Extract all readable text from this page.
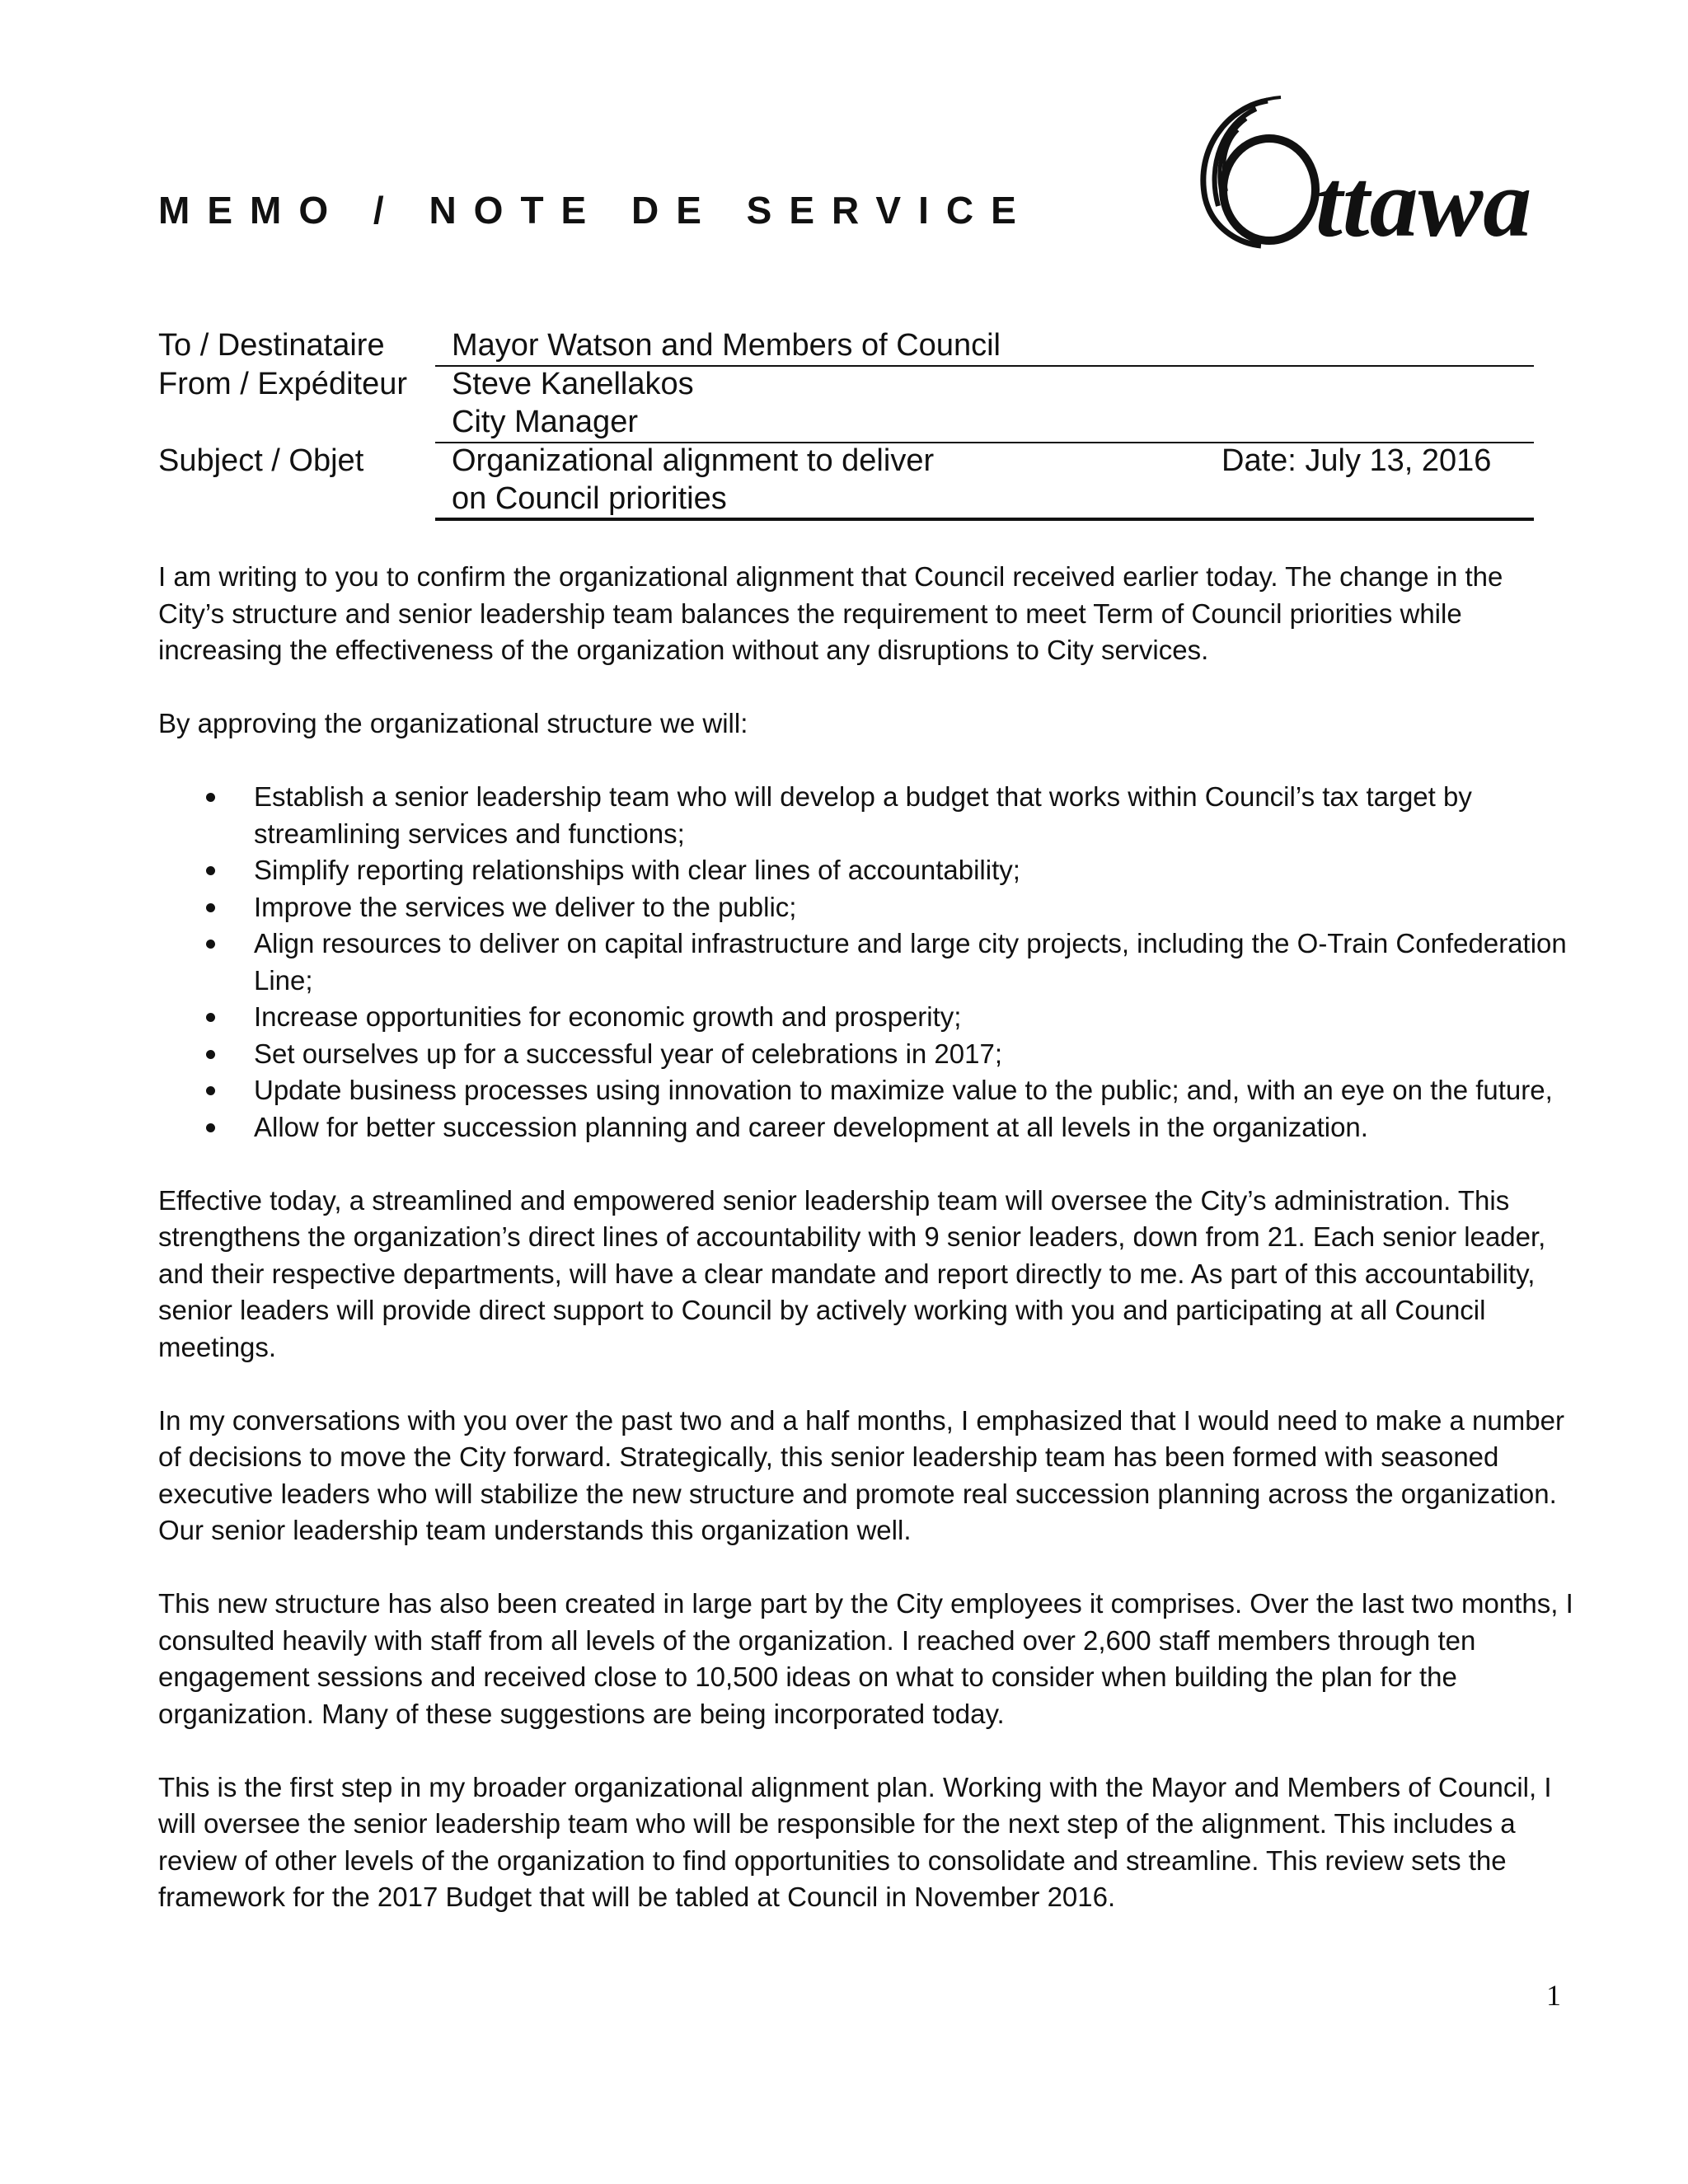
MEMO / NOTE DE SERVICE	ttawa
To / Destinataire Mayor Watson and Members of Council
From / Expéditeur Steve Kanellakos
City Manager
Subject / Objet	Organizational alignment to deliver	Date: July 13, 2016
on Council priorities

I am writing to you to confirm the organizational alignment that Council received earlier today. The change in the City’s structure and senior leadership team balances the requirement to meet Term of Council priorities while increasing the effectiveness of the organization without any disruptions to City services.

By approving the organizational structure we will:

Establish a senior leadership team who will develop a budget that works within Council’s tax target by streamlining services and functions;
Simplify reporting relationships with clear lines of accountability;
Improve the services we deliver to the public;
Align resources to deliver on capital infrastructure and large city projects, including the O-Train Confederation Line;
Increase opportunities for economic growth and prosperity;
Set ourselves up for a successful year of celebrations in 2017;
Update business processes using innovation to maximize value to the public; and, with an eye on the future,
Allow for better succession planning and career development at all levels in the organization.

Effective today, a streamlined and empowered senior leadership team will oversee the City’s administration. This strengthens the organization’s direct lines of accountability with 9 senior leaders, down from 21. Each senior leader, and their respective departments, will have a clear mandate and report directly to me. As part of this accountability, senior leaders will provide direct support to Council by actively working with you and participating at all Council meetings.

In my conversations with you over the past two and a half months, I emphasized that I would need to make a number of decisions to move the City forward. Strategically, this senior leadership team has been formed with seasoned executive leaders who will stabilize the new structure and promote real succession planning across the organization. Our senior leadership team understands this organization well.

This new structure has also been created in large part by the City employees it comprises. Over the last two months, I consulted heavily with staff from all levels of the organization. I reached over 2,600 staff members through ten engagement sessions and received close to 10,500 ideas on what to consider when building the plan for the organization. Many of these suggestions are being incorporated today.

This is the first step in my broader organizational alignment plan. Working with the Mayor and Members of Council, I will oversee the senior leadership team who will be responsible for the next step of the alignment. This includes a review of other levels of the organization to find opportunities to consolidate and streamline. This review sets the framework for the 2017 Budget that will be tabled at Council in November 2016.

1
